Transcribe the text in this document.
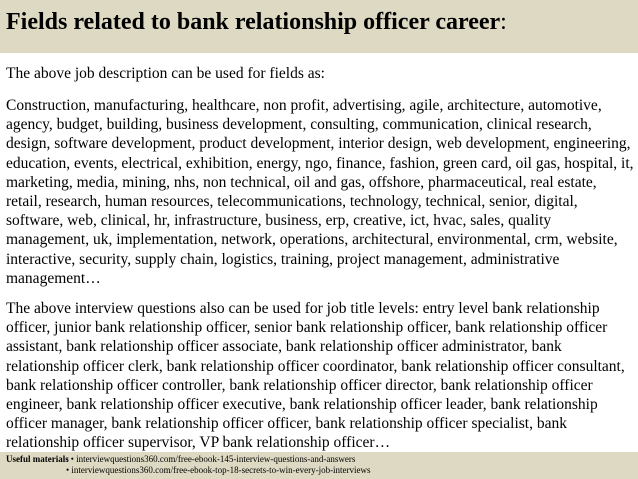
Fields related to bank relationship officer career:

The above job description can be used for fields as:

Construction, manufacturing, healthcare, non profit, advertising, agile, architecture, automotive, agency, budget, building, business development, consulting, communication, clinical research, design, software development, product development, interior design, web development, engineering, education, events, electrical, exhibition, energy, ngo, finance, fashion, green card, oil gas, hospital, it, marketing, media, mining, nhs, non technical, oil and gas, offshore, pharmaceutical, real estate, retail, research, human resources, telecommunications, technology, technical, senior, digital, software, web, clinical, hr, infrastructure, business, erp, creative, ict, hvac, sales, quality management, uk, implementation, network, operations, architectural, environmental, crm, website, interactive, security, supply chain, logistics, training, project management, administrative management…

The above interview questions also can be used for job title levels: entry level bank relationship officer, junior bank relationship officer, senior bank relationship officer, bank relationship officer assistant, bank relationship officer associate, bank relationship officer administrator, bank relationship officer clerk, bank relationship officer coordinator, bank relationship officer consultant, bank relationship officer controller, bank relationship officer director, bank relationship officer engineer, bank relationship officer executive, bank relationship officer leader, bank relationship officer manager, bank relationship officer officer, bank relationship officer specialist, bank relationship officer supervisor, VP bank relationship officer…

Useful materials: • interviewquestions360.com/free-ebook-145-interview-questions-and-answers
• interviewquestions360.com/free-ebook-top-18-secrets-to-win-every-job-interviews
